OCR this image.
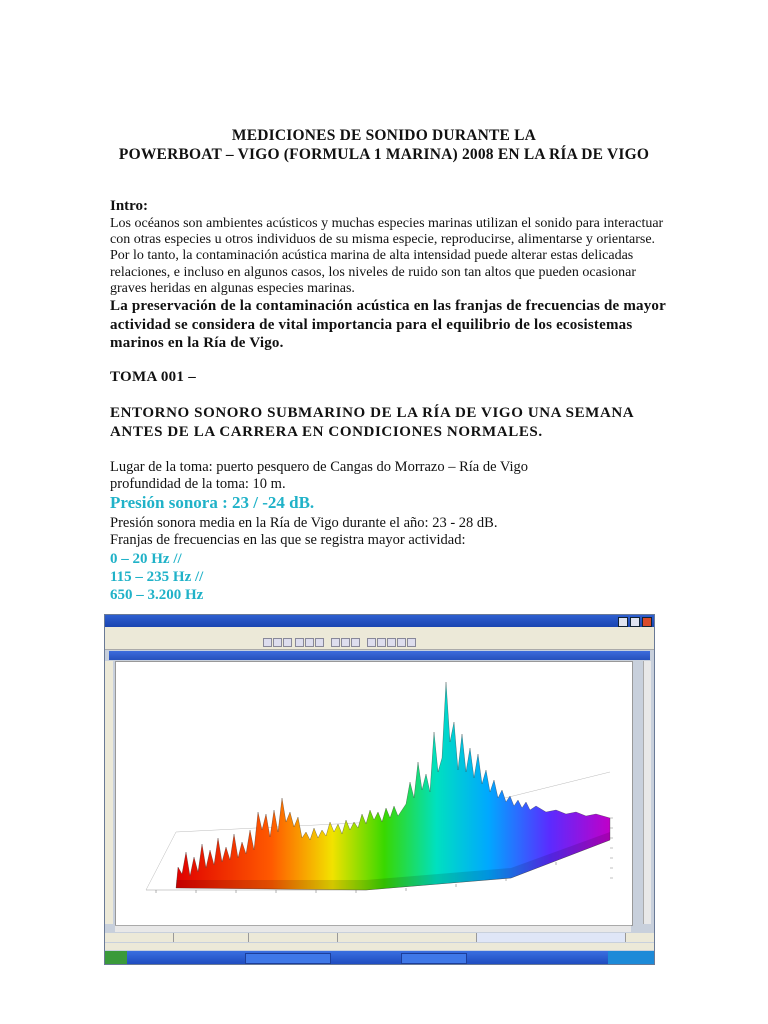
MEDICIONES DE SONIDO DURANTE LA
POWERBOAT – VIGO (FORMULA 1 MARINA) 2008 EN LA RÍA DE VIGO
Intro:
Los océanos son ambientes acústicos y muchas especies marinas utilizan el sonido para interactuar con otras especies u otros individuos de su misma especie, reproducirse, alimentarse y orientarse. Por lo tanto, la contaminación acústica marina de alta intensidad puede alterar estas delicadas relaciones, e incluso en algunos casos, los niveles de ruido son tan altos que pueden ocasionar graves heridas en algunas especies marinas.
La preservación de la contaminación acústica en las franjas de frecuencias de mayor actividad se considera de vital importancia para el equilibrio de los ecosistemas marinos en la Ría de Vigo.
TOMA 001 –
ENTORNO SONORO SUBMARINO DE LA RÍA DE VIGO UNA SEMANA ANTES DE LA CARRERA EN CONDICIONES NORMALES.
Lugar de la toma: puerto pesquero de Cangas do Morrazo – Ría de Vigo
profundidad de la toma: 10 m.
Presión sonora : 23 / -24 dB.
Presión sonora media en la Ría de Vigo durante el año: 23 - 28 dB.
Franjas de frecuencias en las que se registra mayor actividad:
0 – 20 Hz //
115 – 235 Hz //
650 – 3.200 Hz
